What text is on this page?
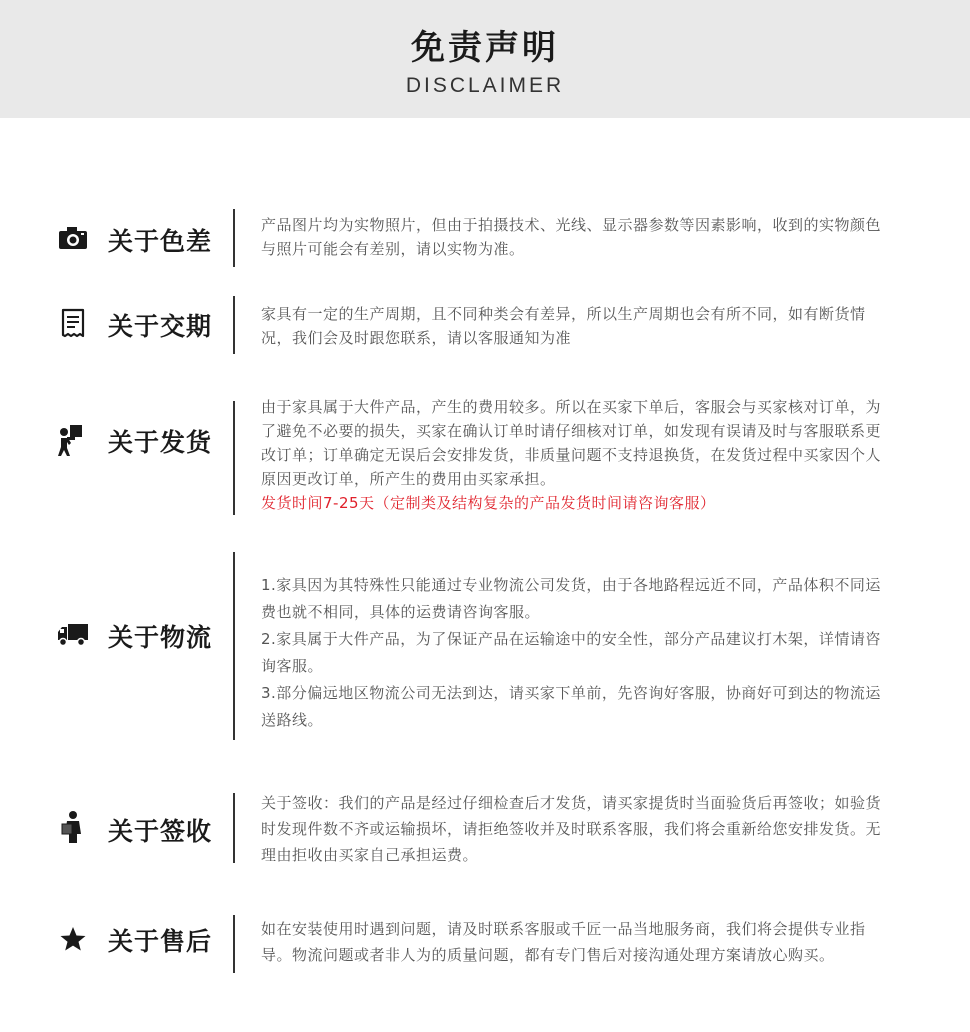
免责声明
DISCLAIMER
关于色差

产品图片均为实物照片，但由于拍摄技术、光线、显示器参数等因素影响，收到的实物颜色与照片可能会有差别，请以实物为准。

关于交期	家具有一定的生产周期，且不同种类会有差异，所以生产周期也会有所不同，如有断货情况，我们会及时跟您联系，请以客服通知为准

关于发货

由于家具属于大件产品，产生的费用较多。所以在买家下单后，客服会与买家核对订单，为了避免不必要的损失，买家在确认订单时请仔细核对订单，如发现有误请及时与客服联系更改订单；订单确定无误后会安排发货，非质量问题不支持退换货，在发货过程中买家因个人原因更改订单，所产生的费用由买家承担。

发货时间7-25天（定制类及结构复杂的产品发货时间请咨询客服）

关于物流

1.家具因为其特殊性只能通过专业物流公司发货，由于各地路程远近不同，产品体积不同运费也就不相同，具体的运费请咨询客服。

2.家具属于大件产品，为了保证产品在运输途中的安全性，部分产品建议打木架，详情请咨询客服。

3.部分偏远地区物流公司无法到达，请买家下单前，先咨询好客服，协商好可到达的物流运送路线。

关于签收

关于签收：我们的产品是经过仔细检查后才发货，请买家提货时当面验货后再签收；如验货时发现件数不齐或运输损坏，请拒绝签收并及时联系客服，我们将会重新给您安排发货。无理由拒收由买家自己承担运费。

关于售后	如在安装使用时遇到问题，请及时联系客服或千匠一品当地服务商，我们将会提供专业指导。物流问题或者非人为的质量问题，都有专门售后对接沟通处理方案请放心购买。
